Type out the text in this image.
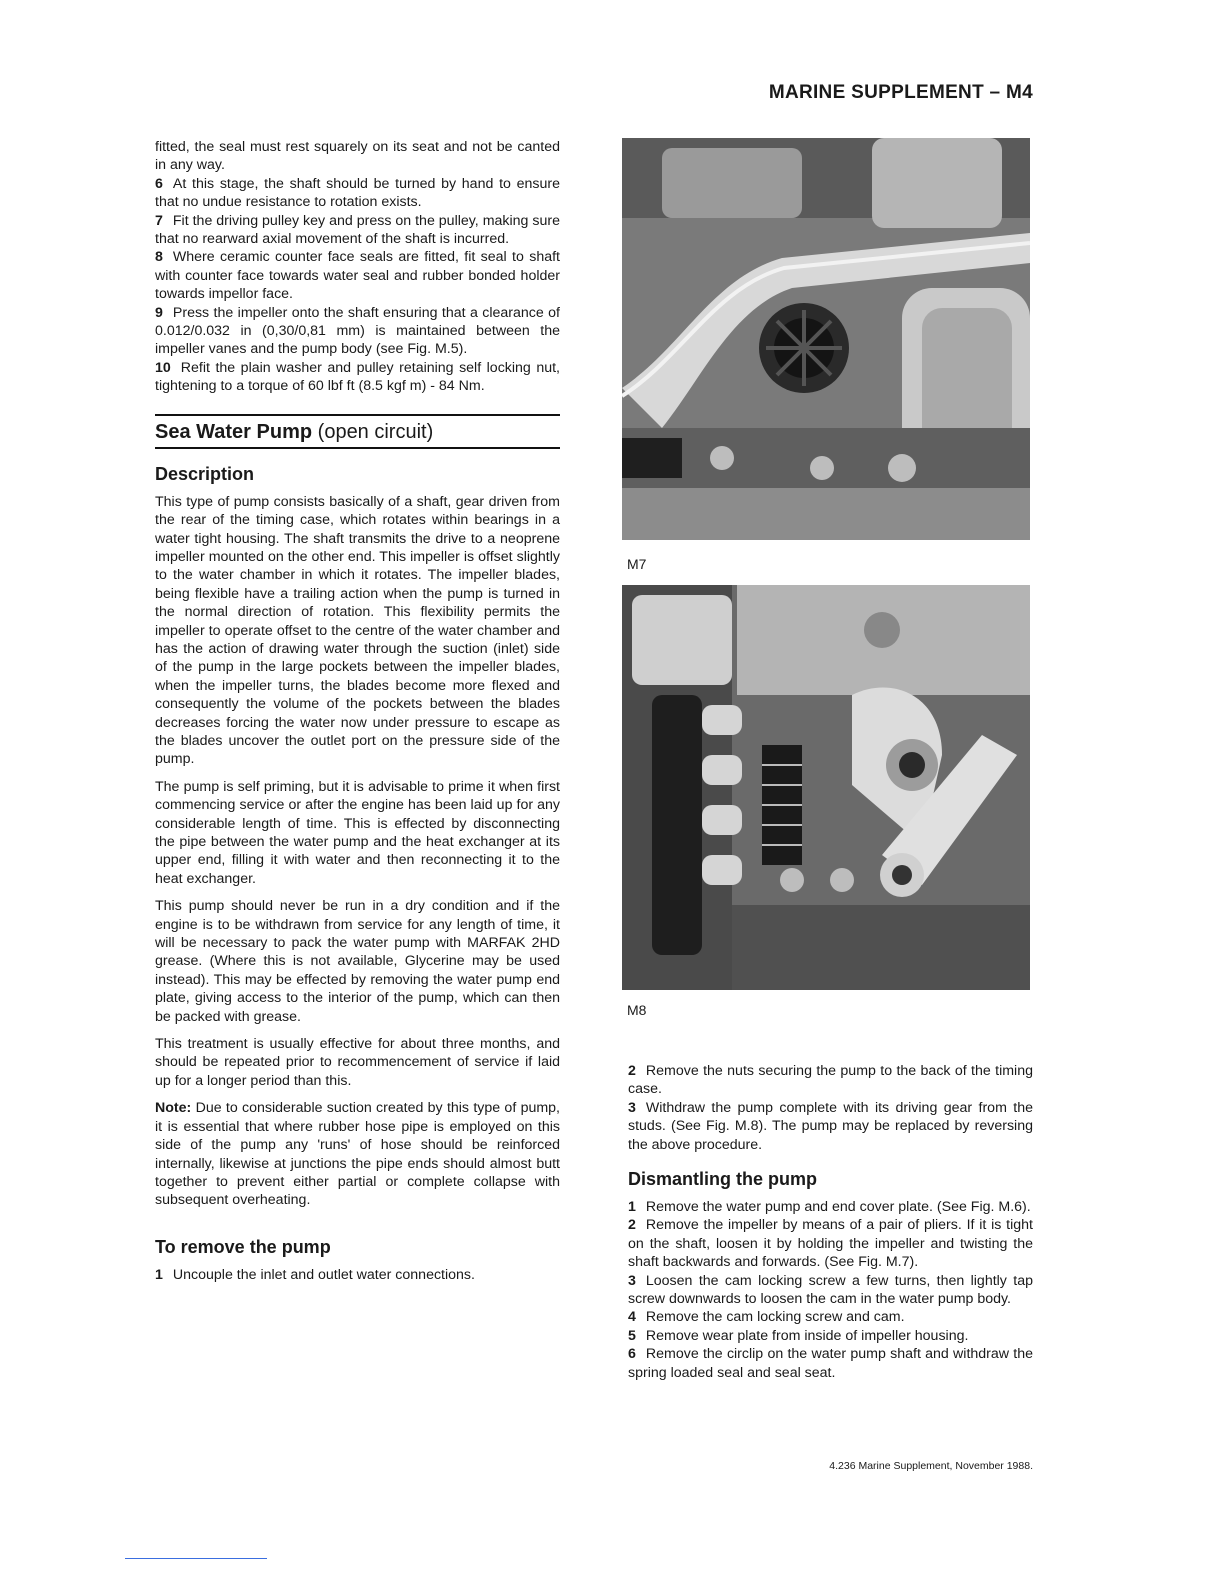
MARINE SUPPLEMENT – M4

fitted, the seal must rest squarely on its seat and not be canted in any way.

6 At this stage, the shaft should be turned by hand to ensure that no undue resistance to rotation exists.

7 Fit the driving pulley key and press on the pulley, making sure that no rearward axial movement of the shaft is incurred.

8 Where ceramic counter face seals are fitted, fit seal to shaft with counter face towards water seal and rubber bonded holder towards impellor face.

9 Press the impeller onto the shaft ensuring that a clearance of 0.012/0.032 in (0,30/0,81 mm) is maintained between the impeller vanes and the pump body (see Fig. M.5).

10 Refit the plain washer and pulley retaining self locking nut, tightening to a torque of 60 lbf ft (8.5 kgf m) - 84 Nm.

Sea Water Pump (open circuit)
Description

This type of pump consists basically of a shaft, gear driven from the rear of the timing case, which rotates within bearings in a water tight housing. The shaft transmits the drive to a neoprene impeller mounted on the other end. This impeller is offset slightly to the water chamber in which it rotates. The impeller blades, being flexible have a trailing action when the pump is turned in the normal direction of rotation. This flexibility permits the impeller to operate offset to the centre of the water chamber and has the action of drawing water through the suction (inlet) side of the pump in the large pockets between the impeller blades, when the impeller turns, the blades become more flexed and consequently the volume of the pockets between the blades decreases forcing the water now under pressure to escape as the blades uncover the outlet port on the pressure side of the pump.

The pump is self priming, but it is advisable to prime it when first commencing service or after the engine has been laid up for any considerable length of time. This is effected by disconnecting the pipe between the water pump and the heat exchanger at its upper end, filling it with water and then reconnecting it to the heat exchanger.

This pump should never be run in a dry condition and if the engine is to be withdrawn from service for any length of time, it will be necessary to pack the water pump with MARFAK 2HD grease. (Where this is not available, Glycerine may be used instead). This may be effected by removing the water pump end plate, giving access to the interior of the pump, which can then be packed with grease.

This treatment is usually effective for about three months, and should be repeated prior to recommencement of service if laid up for a longer period than this.

Note: Due to considerable suction created by this type of pump, it is essential that where rubber hose pipe is employed on this side of the pump any 'runs' of hose should be reinforced internally, likewise at junctions the pipe ends should almost butt together to prevent either partial or complete collapse with subsequent overheating.

To remove the pump

1 Uncouple the inlet and outlet water connections.

M7
M8

2 Remove the nuts securing the pump to the back of the timing case.

3 Withdraw the pump complete with its driving gear from the studs. (See Fig. M.8). The pump may be replaced by reversing the above procedure.

Dismantling the pump

1 Remove the water pump and end cover plate. (See Fig. M.6).

2 Remove the impeller by means of a pair of pliers. If it is tight on the shaft, loosen it by holding the impeller and twisting the shaft backwards and forwards. (See Fig. M.7).

3 Loosen the cam locking screw a few turns, then lightly tap screw downwards to loosen the cam in the water pump body.

4 Remove the cam locking screw and cam.

5 Remove wear plate from inside of impeller housing.

6 Remove the circlip on the water pump shaft and withdraw the spring loaded seal and seal seat.

4.236 Marine Supplement, November 1988.
